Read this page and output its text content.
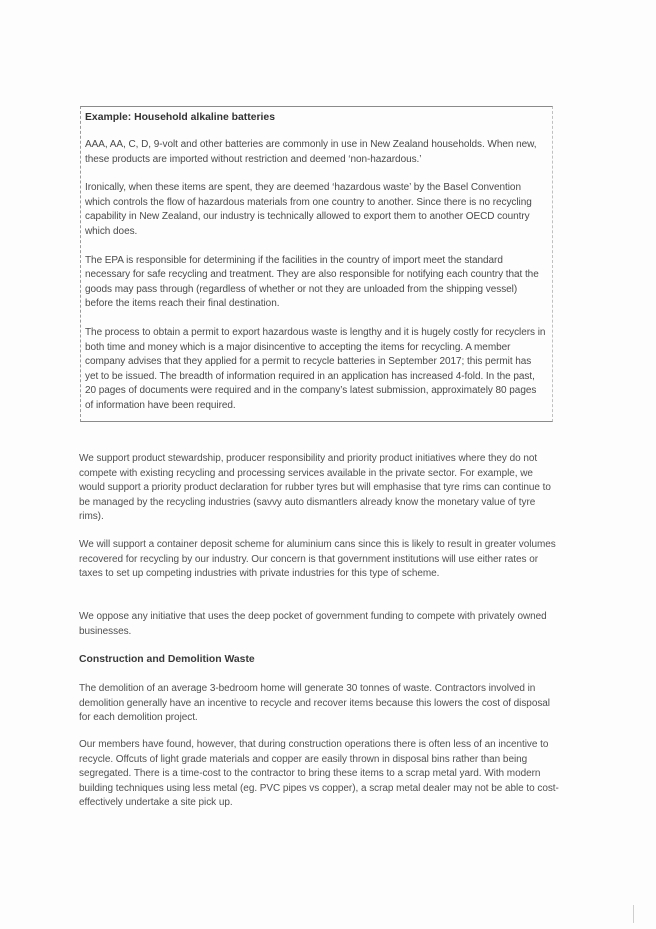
Example: Household alkaline batteries

AAA, AA, C, D, 9-volt and other batteries are commonly in use in New Zealand households. When new, these products are imported without restriction and deemed ‘non-hazardous.’

Ironically, when these items are spent, they are deemed ‘hazardous waste’ by the Basel Convention which controls the flow of hazardous materials from one country to another. Since there is no recycling capability in New Zealand, our industry is technically allowed to export them to another OECD country which does.

The EPA is responsible for determining if the facilities in the country of import meet the standard necessary for safe recycling and treatment. They are also responsible for notifying each country that the goods may pass through (regardless of whether or not they are unloaded from the shipping vessel) before the items reach their final destination.

The process to obtain a permit to export hazardous waste is lengthy and it is hugely costly for recyclers in both time and money which is a major disincentive to accepting the items for recycling. A member company advises that they applied for a permit to recycle batteries in September 2017; this permit has yet to be issued. The breadth of information required in an application has increased 4-fold. In the past, 20 pages of documents were required and in the company’s latest submission, approximately 80 pages of information have been required.

We support product stewardship, producer responsibility and priority product initiatives where they do not compete with existing recycling and processing services available in the private sector. For example, we would support a priority product declaration for rubber tyres but will emphasise that tyre rims can continue to be managed by the recycling industries (savvy auto dismantlers already know the monetary value of tyre rims).

We will support a container deposit scheme for aluminium cans since this is likely to result in greater volumes recovered for recycling by our industry. Our concern is that government institutions will use either rates or taxes to set up competing industries with private industries for this type of scheme.

We oppose any initiative that uses the deep pocket of government funding to compete with privately owned businesses.

Construction and Demolition Waste

The demolition of an average 3-bedroom home will generate 30 tonnes of waste. Contractors involved in demolition generally have an incentive to recycle and recover items because this lowers the cost of disposal for each demolition project.

Our members have found, however, that during construction operations there is often less of an incentive to recycle. Offcuts of light grade materials and copper are easily thrown in disposal bins rather than being segregated. There is a time-cost to the contractor to bring these items to a scrap metal yard. With modern building techniques using less metal (eg. PVC pipes vs copper), a scrap metal dealer may not be able to cost-effectively undertake a site pick up.
